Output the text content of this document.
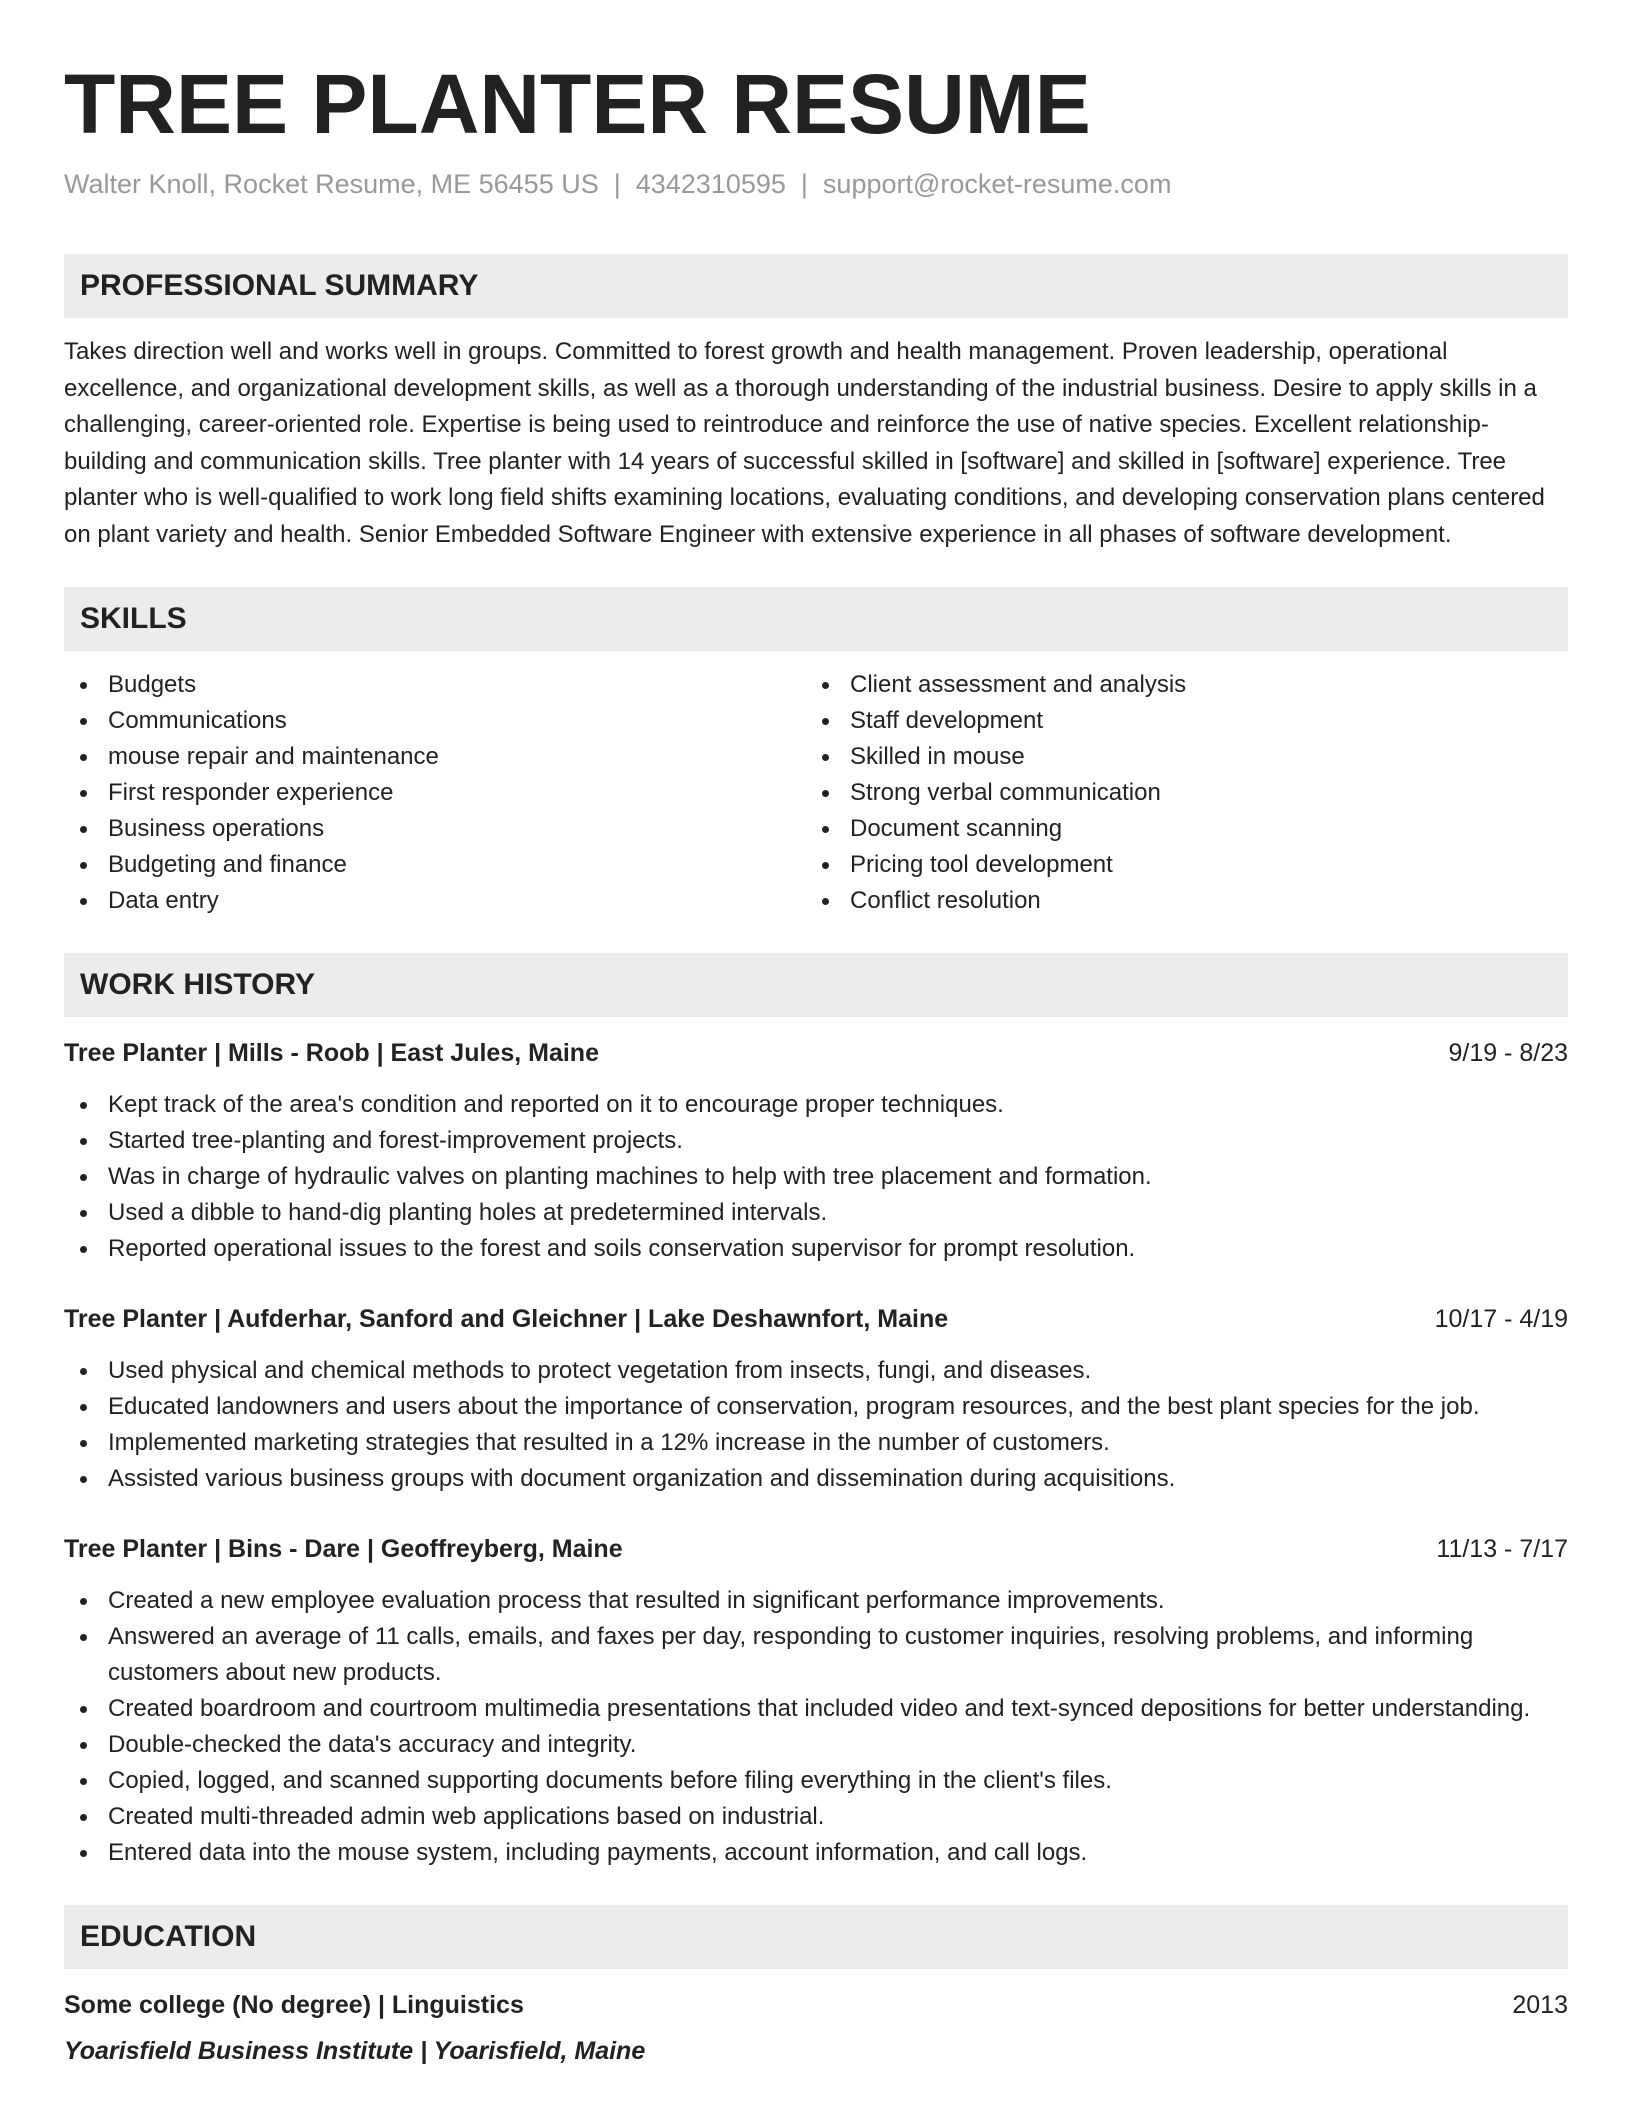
TREE PLANTER RESUME
Walter Knoll, Rocket Resume, ME 56455 US | 4342310595 | support@rocket-resume.com
PROFESSIONAL SUMMARY
Takes direction well and works well in groups. Committed to forest growth and health management. Proven leadership, operational excellence, and organizational development skills, as well as a thorough understanding of the industrial business. Desire to apply skills in a challenging, career-oriented role. Expertise is being used to reintroduce and reinforce the use of native species. Excellent relationship-building and communication skills. Tree planter with 14 years of successful skilled in [software] and skilled in [software] experience. Tree planter who is well-qualified to work long field shifts examining locations, evaluating conditions, and developing conservation plans centered on plant variety and health. Senior Embedded Software Engineer with extensive experience in all phases of software development.
SKILLS
Budgets
Communications
mouse repair and maintenance
First responder experience
Business operations
Budgeting and finance
Data entry
Client assessment and analysis
Staff development
Skilled in mouse
Strong verbal communication
Document scanning
Pricing tool development
Conflict resolution
WORK HISTORY
Tree Planter | Mills - Roob | East Jules, Maine	9/19 - 8/23
Kept track of the area's condition and reported on it to encourage proper techniques.
Started tree-planting and forest-improvement projects.
Was in charge of hydraulic valves on planting machines to help with tree placement and formation.
Used a dibble to hand-dig planting holes at predetermined intervals.
Reported operational issues to the forest and soils conservation supervisor for prompt resolution.
Tree Planter | Aufderhar, Sanford and Gleichner | Lake Deshawnfort, Maine	10/17 - 4/19
Used physical and chemical methods to protect vegetation from insects, fungi, and diseases.
Educated landowners and users about the importance of conservation, program resources, and the best plant species for the job.
Implemented marketing strategies that resulted in a 12% increase in the number of customers.
Assisted various business groups with document organization and dissemination during acquisitions.
Tree Planter | Bins - Dare | Geoffreyberg, Maine	11/13 - 7/17
Created a new employee evaluation process that resulted in significant performance improvements.
Answered an average of 11 calls, emails, and faxes per day, responding to customer inquiries, resolving problems, and informing customers about new products.
Created boardroom and courtroom multimedia presentations that included video and text-synced depositions for better understanding.
Double-checked the data's accuracy and integrity.
Copied, logged, and scanned supporting documents before filing everything in the client's files.
Created multi-threaded admin web applications based on industrial.
Entered data into the mouse system, including payments, account information, and call logs.
EDUCATION
Some college (No degree) | Linguistics	2013
Yoarisfield Business Institute | Yoarisfield, Maine
